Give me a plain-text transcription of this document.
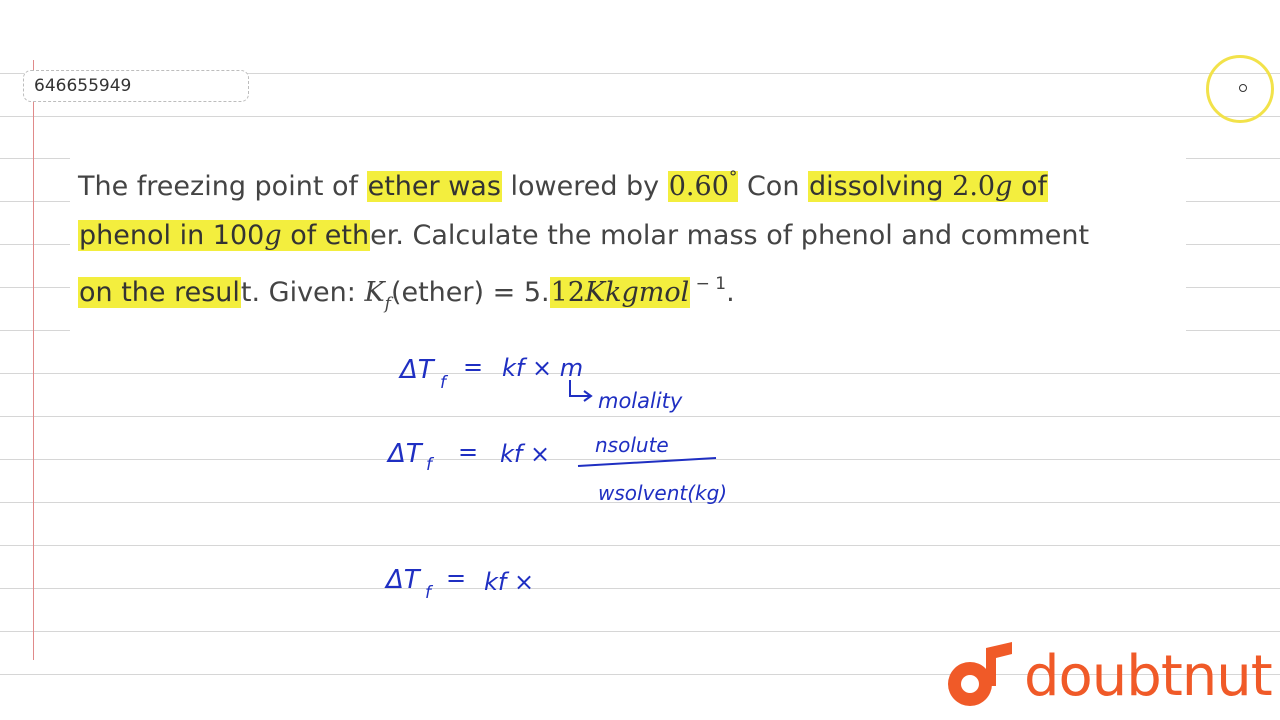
646655949
The freezing point of ether was lowered by 0.60° Con dissolving 2.0g of
phenol in 100g of ether. Calculate the molar mass of phenol and comment
on the result. Given: $K_f(ether)$ = 5.12Kkgmol $^{- 1}$.
ΔT f
= kf × m
molality
ΔT f = kf × nsolute
wsolvent(kg)
ΔT f
= kf ×
doubtnut
